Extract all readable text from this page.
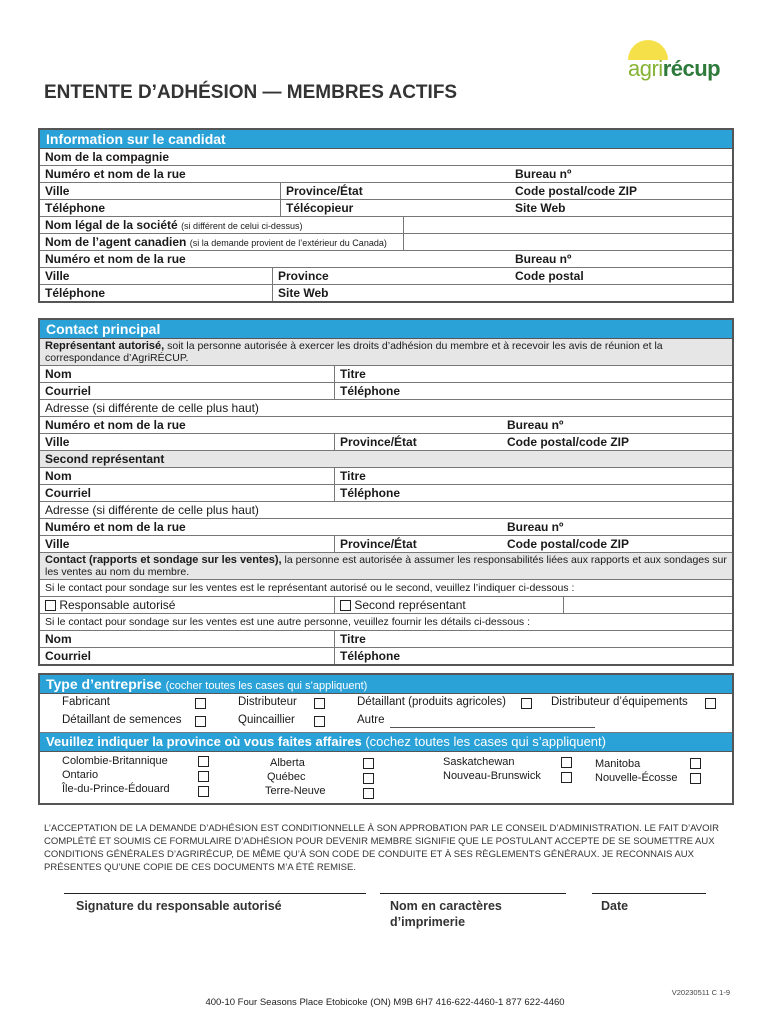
agrirécup
ENTENTE D’ADHÉSION — MEMBRES ACTIFS
Information sur le candidat
Nom de la compagnie
Numéro et nom de la rue	Bureau nº
Ville	Province/État	Code postal/code ZIP
Téléphone	Télécopieur	Site Web
Nom légal de la société (si différent de celui ci-dessus)
Nom de l’agent canadien (si la demande provient de l’extérieur du Canada)
Numéro et nom de la rue	Bureau nº
Ville	Province	Code postal
Téléphone	Site Web
Contact principal
Représentant autorisé, soit la personne autorisée à exercer les droits d’adhésion du membre et à recevoir les avis de réunion et la correspondance d’AgriRÉCUP.
Nom	Titre
Courriel	Téléphone
Adresse (si différente de celle plus haut)
Numéro et nom de la rue	Bureau nº
Ville	Province/État	Code postal/code ZIP
Second représentant
Nom	Titre
Courriel	Téléphone
Adresse (si différente de celle plus haut)
Numéro et nom de la rue	Bureau nº
Ville	Province/État	Code postal/code ZIP
Contact (rapports et sondage sur les ventes), la personne est autorisée à assumer les responsabilités liées aux rapports et aux sondages sur les ventes au nom du membre.
Si le contact pour sondage sur les ventes est le représentant autorisé ou le second, veuillez l’indiquer ci-dessous :
Responsable autorisé	Second représentant
Si le contact pour sondage sur les ventes est une autre personne, veuillez fournir les détails ci-dessous :
Nom	Titre
Courriel	Téléphone
Type d’entreprise (cocher toutes les cases qui s’appliquent)
Fabricant	Distributeur	Détaillant (produits agricoles)	Distributeur d’équipements
Détaillant de semences	Quincaillier	Autre
Veuillez indiquer la province où vous faites affaires (cochez toutes les cases qui s’appliquent)
Colombie-Britannique
Ontario
Île-du-Prince-Édouard
Alberta
Québec
Terre-Neuve
Saskatchewan
Nouveau-Brunswick
Manitoba
Nouvelle-Écosse
L’ACCEPTATION DE LA DEMANDE D’ADHÉSION EST CONDITIONNELLE À SON APPROBATION PAR LE CONSEIL D’ADMINISTRATION. LE FAIT D’AVOIR COMPLÉTÉ ET SOUMIS CE FORMULAIRE D’ADHÉSION POUR DEVENIR MEMBRE SIGNIFIE QUE LE POSTULANT ACCEPTE DE SE SOUMETTRE AUX CONDITIONS GÉNÉRALES D’AGRIRÉCUP, DE MÊME QU’À SON CODE DE CONDUITE ET À SES RÈGLEMENTS GÉNÉRAUX. JE RECONNAIS AUX PRÉSENTES QU’UNE COPIE DE CES DOCUMENTS M’A ÉTÉ REMISE.
Signature du responsable autorisé	Nom en caractères d’imprimerie
Date
V20230511 C 1-9
400-10 Four Seasons Place Etobicoke (ON) M9B 6H7 416-622-4460-1 877 622-4460
